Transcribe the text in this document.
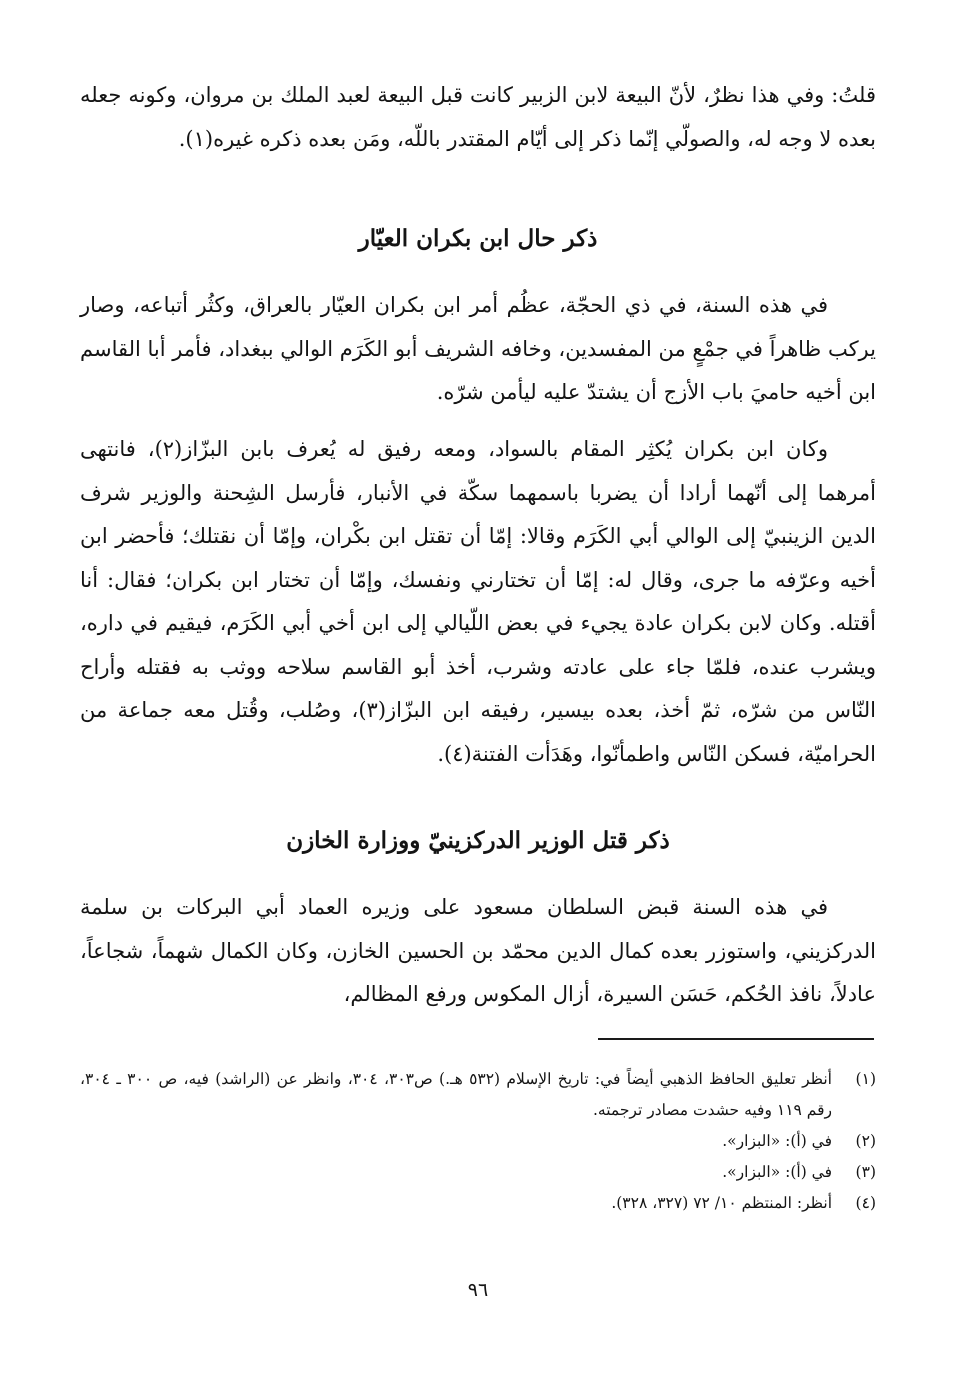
قلتُ: وفي هذا نظرٌ، لأنّ البيعة لابن الزبير كانت قبل البيعة لعبد الملك بن مروان، وكونه جعله بعده لا وجه له، والصولّي إنّما ذكر إلى أيّام المقتدر باللّه، ومَن بعده ذكره غيره(١).
ذكر حال ابن بكران العيّار
في هذه السنة، في ذي الحجّة، عظُم أمر ابن بكران العيّار بالعراق، وكثُر أتباعه، وصار يركب ظاهراً في جمْعٍ من المفسدين، وخافه الشريف أبو الكَرَم الوالي ببغداد، فأمر أبا القاسم ابن أخيه حاميَ باب الأزج أن يشتدّ عليه ليأمن شرّه.
وكان ابن بكران يُكثِر المقام بالسواد، ومعه رفيق له يُعرف بابن البزّاز(٢)، فانتهى أمرهما إلى أنّهما أرادا أن يضربا باسمهما سكّة في الأنبار، فأرسل الشِحنة والوزير شرف الدين الزينبيّ إلى الوالي أبي الكَرَم وقالا: إمّا أن تقتل ابن بكْران، وإمّا أن نقتلك؛ فأحضر ابن أخيه وعرّفه ما جرى، وقال له: إمّا أن تختارني ونفسك، وإمّا أن تختار ابن بكران؛ فقال: أنا أقتله. وكان لابن بكران عادة يجيء في بعض اللّيالي إلى ابن أخي أبي الكَرَم، فيقيم في داره، ويشرب عنده، فلمّا جاء على عادته وشرب، أخذ أبو القاسم سلاحه ووثب به فقتله وأراح النّاس من شرّه، ثمّ أخذ، بعده بيسير، رفيقه ابن البزّاز(٣)، وصُلب، وقُتل معه جماعة من الحراميّة، فسكن النّاس واطمأنّوا، وهَدَأت الفتنة(٤).
ذكر قتل الوزير الدركزينيّ ووزارة الخازن
في هذه السنة قبض السلطان مسعود على وزيره العماد أبي البركات بن سلمة الدركزيني، واستوزر بعده كمال الدين محمّد بن الحسين الخازن، وكان الكمال شهماً، شجاعاً، عادلاً، نافذ الحُكم، حَسَن السيرة، أزال المكوس ورفع المظالم،
(١)
أنظر تعليق الحافظ الذهبي أيضاً في: تاريخ الإسلام (٥٣٢ هـ.) ص٣٠٣، ٣٠٤، وانظر عن (الراشد) فيه، ص ٣٠٠ ـ ٣٠٤، رقم ١١٩ وفيه حشدت مصادر ترجمته.
(٢)
في (أ): «البزار».
(٣)
في (أ): «البزار».
(٤)
أنظر: المنتظم ١٠/ ٧٢ (٣٢٧، ٣٢٨).
٩٦
